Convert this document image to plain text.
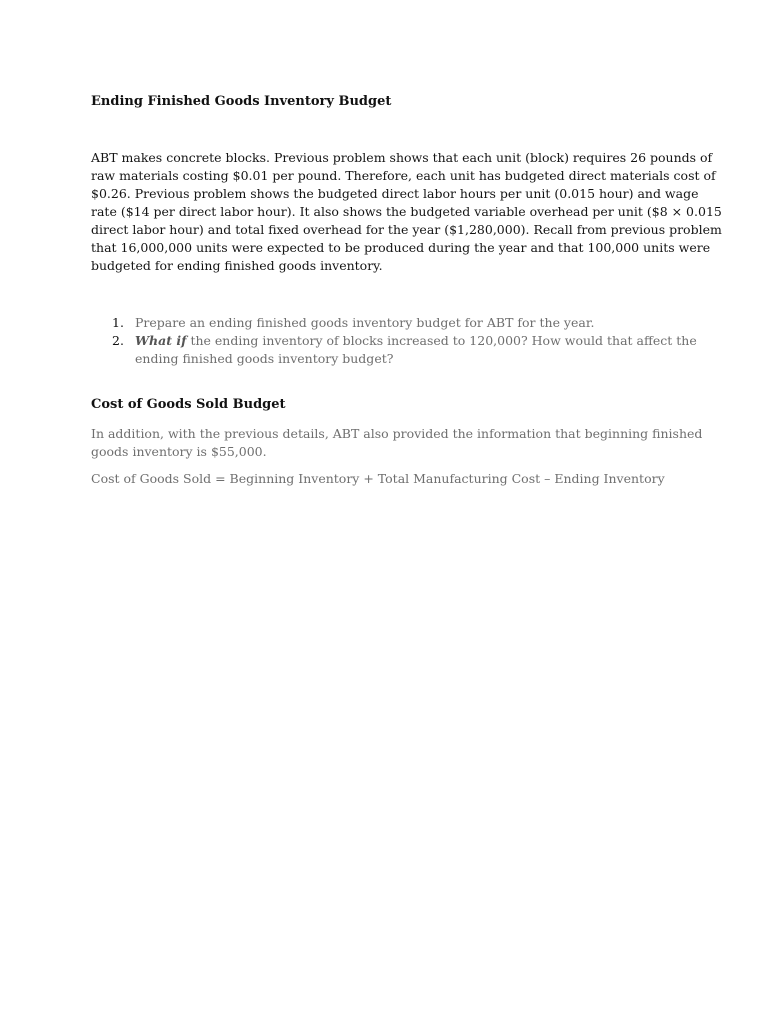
Ending Finished Goods Inventory Budget
ABT makes concrete blocks. Previous problem shows that each unit (block) requires 26 pounds of
raw materials costing $0.01 per pound. Therefore, each unit has budgeted direct materials cost of
$0.26. Previous problem shows the budgeted direct labor hours per unit (0.015 hour) and wage
rate ($14 per direct labor hour). It also shows the budgeted variable overhead per unit ($8 × 0.015
direct labor hour) and total fixed overhead for the year ($1,280,000). Recall from previous problem
that 16,000,000 units were expected to be produced during the year and that 100,000 units were
budgeted for ending finished goods inventory.
1. Prepare an ending finished goods inventory budget for ABT for the year.
2. What if the ending inventory of blocks increased to 120,000? How would that affect the
ending finished goods inventory budget?
Cost of Goods Sold Budget
In addition, with the previous details, ABT also provided the information that beginning finished
goods inventory is $55,000.
Cost of Goods Sold = Beginning Inventory + Total Manufacturing Cost – Ending Inventory
